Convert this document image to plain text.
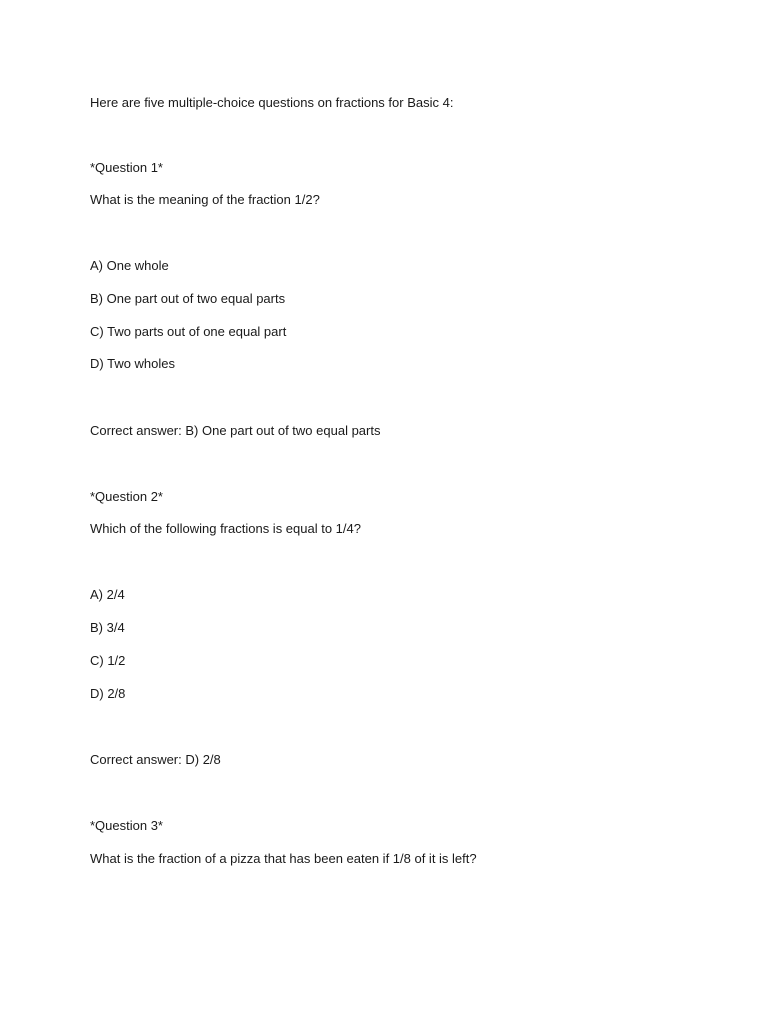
Here are five multiple-choice questions on fractions for Basic 4:
*Question 1*
What is the meaning of the fraction 1/2?
A) One whole
B) One part out of two equal parts
C) Two parts out of one equal part
D) Two wholes
Correct answer: B) One part out of two equal parts
*Question 2*
Which of the following fractions is equal to 1/4?
A) 2/4
B) 3/4
C) 1/2
D) 2/8
Correct answer: D) 2/8
*Question 3*
What is the fraction of a pizza that has been eaten if 1/8 of it is left?
